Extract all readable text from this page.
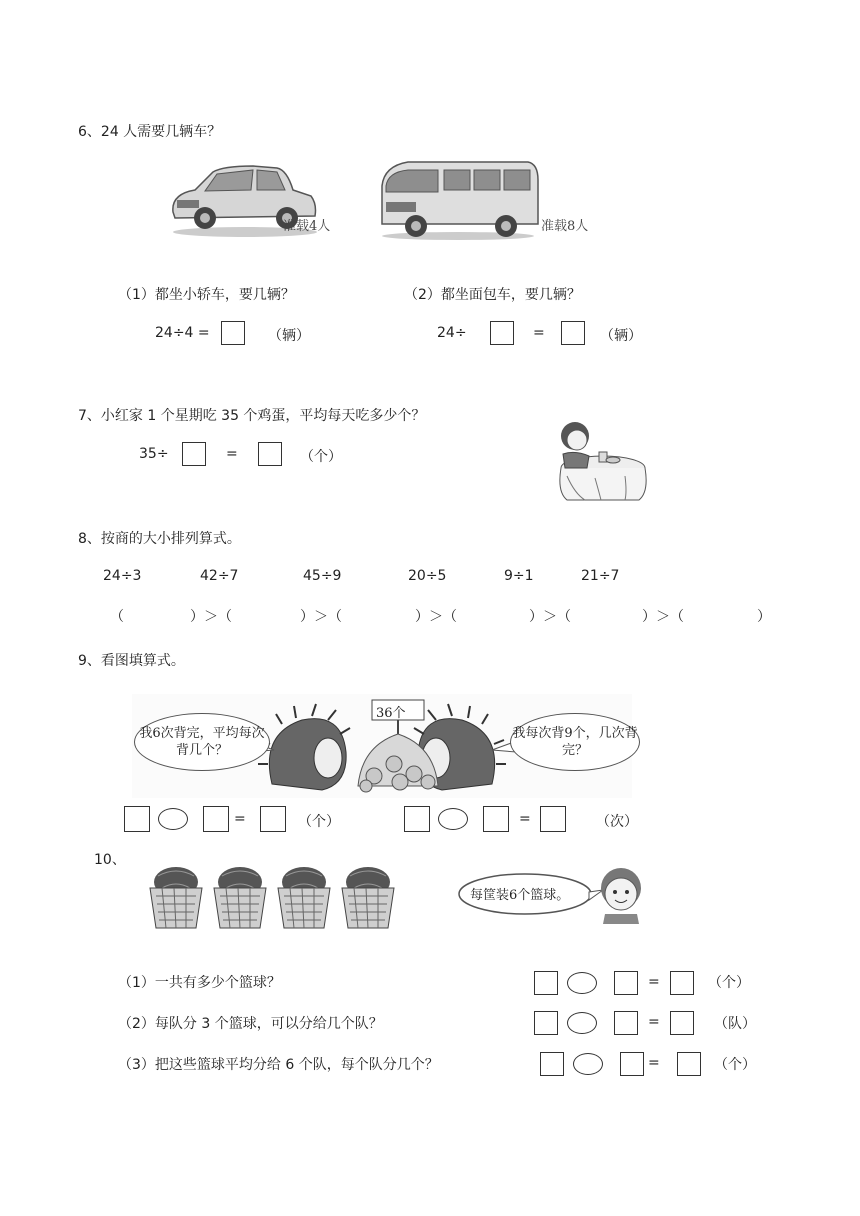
6、24 人需要几辆车？
准载4人	准载8人
（1）都坐小轿车，要几辆？	（2）都坐面包车，要几辆？
24÷4 =	（辆）	24÷	=	（辆）
7、小红家 1 个星期吃 35 个鸡蛋，平均每天吃多少个？
35÷	=	（个）
8、按商的大小排列算式。
24÷3	42÷7	45÷9	20÷5	9÷1	21÷7
（	）＞（	）＞（	）＞（	）＞（	）＞（	）
9、看图填算式。
36个
我6次背完，平均每次背几个？
我每次背9个，几次背完？
=	（个）	=	（次）
10、
每筐装6个篮球。
（1）一共有多少个篮球？
（2）每队分 3 个篮球，可以分给几个队？
（3）把这些篮球平均分给 6 个队，每个队分几个？
=	（个）
=	（队）
=	（个）
